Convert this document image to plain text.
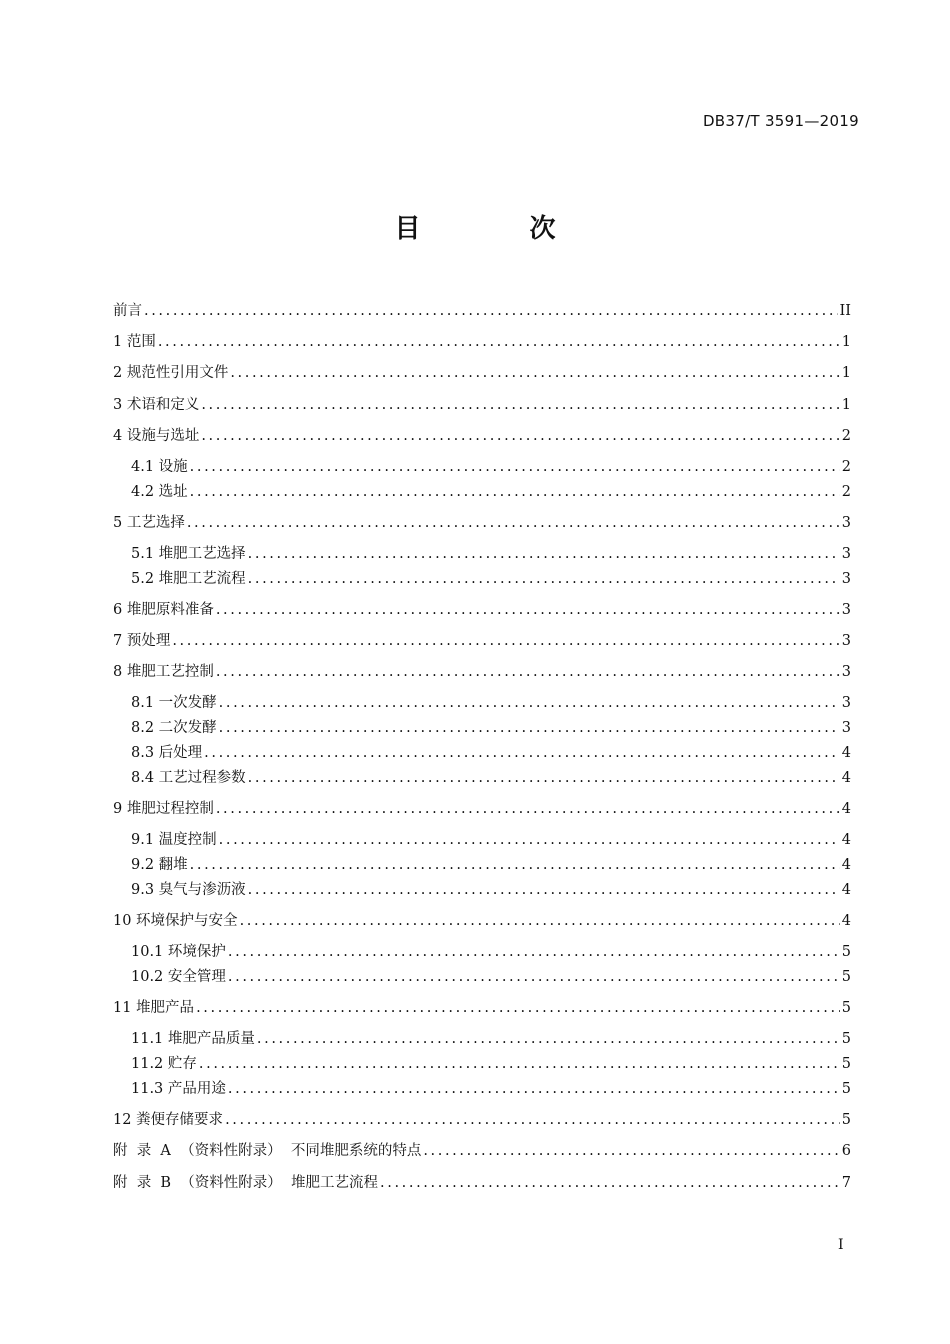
DB37/T 3591—2019
目 次
前言 .....	II
1 范围 .....	1
2 规范性引用文件 .....	1
3 术语和定义 .....	1
4 设施与选址 .....	2
4.1 设施 .....	2
4.2 选址 .....	2
5 工艺选择 .....	3
5.1 堆肥工艺选择 .....	3
5.2 堆肥工艺流程 .....	3
6 堆肥原料准备 .....	3
7 预处理 .....	3
8 堆肥工艺控制 .....	3
8.1 一次发酵 .....	3
8.2 二次发酵 .....	3
8.3 后处理 .....	4
8.4 工艺过程参数 .....	4
9 堆肥过程控制 .....	4
9.1 温度控制 .....	4
9.2 翻堆 .....	4
9.3 臭气与渗沥液 .....	4
10 环境保护与安全 .....	4
10.1 环境保护 .....	5
10.2 安全管理 .....	5
11 堆肥产品 .....	5
11.1 堆肥产品质量 .....	5
11.2 贮存 .....	5
11.3 产品用途 .....	5
12 粪便存储要求 .....	5
附  录  A  （资料性附录）  不同堆肥系统的特点 .....	6
附  录  B  （资料性附录）  堆肥工艺流程 .....	7
I
